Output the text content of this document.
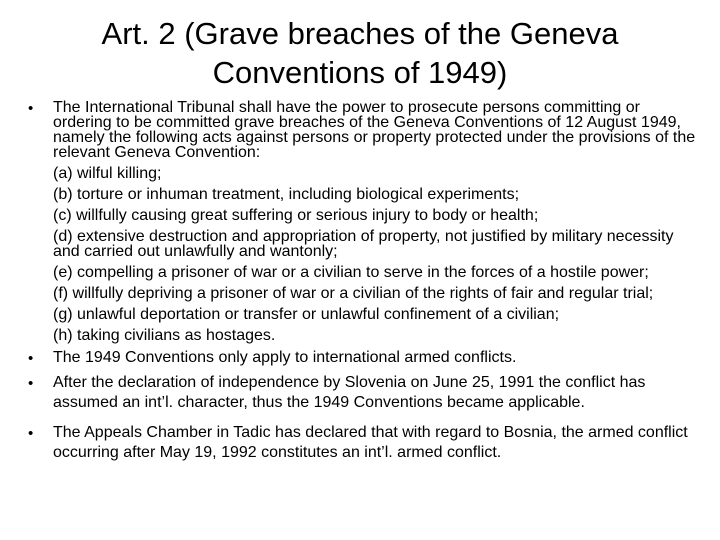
Art. 2 (Grave breaches of the Geneva
Conventions of 1949)
• The International Tribunal shall have the power to prosecute persons committing or ordering to be committed grave breaches of the Geneva Conventions of 12 August 1949, namely the following acts against persons or property protected under the provisions of the relevant Geneva Convention:
(a) wilful killing;
(b) torture or inhuman treatment, including biological experiments;
(c) willfully causing great suffering or serious injury to body or health;
(d) extensive destruction and appropriation of property, not justified by military necessity and carried out unlawfully and wantonly;
(e) compelling a prisoner of war or a civilian to serve in the forces of a hostile power;
(f) willfully depriving a prisoner of war or a civilian of the rights of fair and regular trial;
(g) unlawful deportation or transfer or unlawful confinement of a civilian;
(h) taking civilians as hostages.
• The 1949 Conventions only apply to international armed conflicts.
• After the declaration of independence by Slovenia on June 25, 1991 the conflict has assumed an int’l. character, thus the 1949 Conventions became applicable.
• The Appeals Chamber in Tadic has declared that with regard to Bosnia, the armed conflict occurring after May 19, 1992 constitutes an int’l. armed conflict.
